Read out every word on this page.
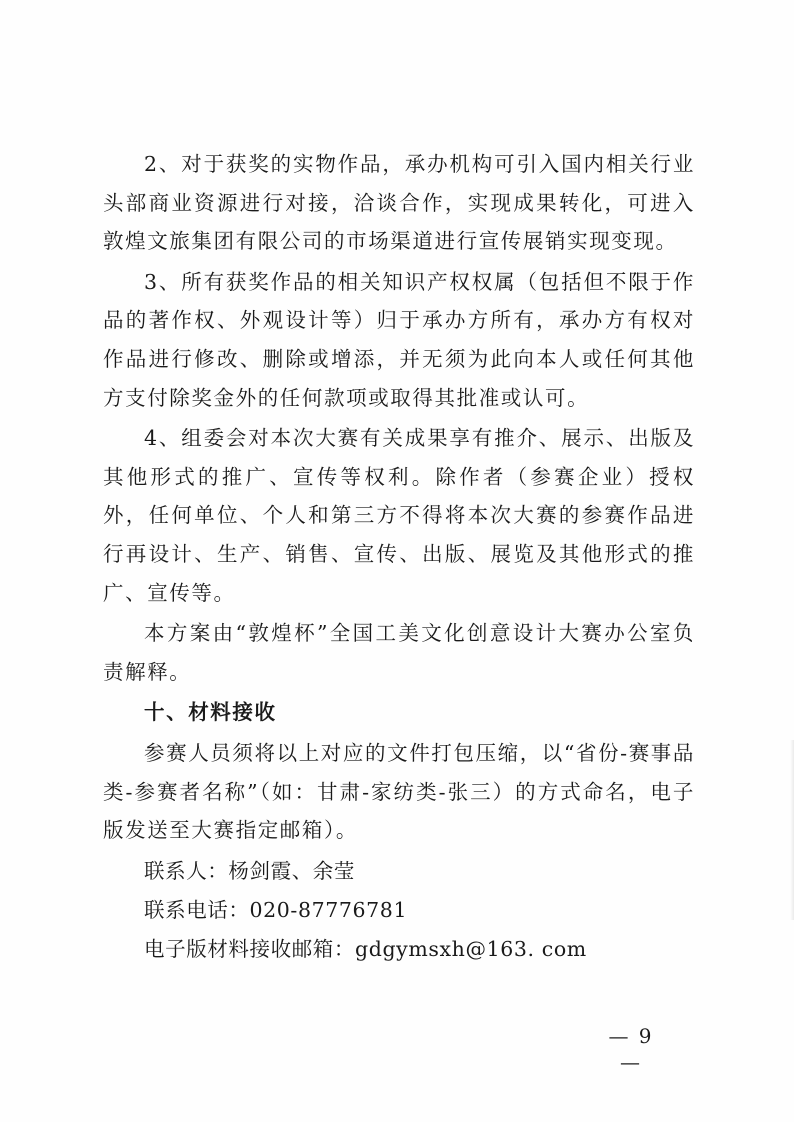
2、对于获奖的实物作品，承办机构可引入国内相关行业头部商业资源进行对接，洽谈合作，实现成果转化，可进入敦煌文旅集团有限公司的市场渠道进行宣传展销实现变现。

3、所有获奖作品的相关知识产权权属（包括但不限于作品的著作权、外观设计等）归于承办方所有，承办方有权对作品进行修改、删除或增添，并无须为此向本人或任何其他方支付除奖金外的任何款项或取得其批准或认可。

4、组委会对本次大赛有关成果享有推介、展示、出版及其他形式的推广、宣传等权利。除作者（参赛企业）授权外，任何单位、个人和第三方不得将本次大赛的参赛作品进行再设计、生产、销售、宣传、出版、展览及其他形式的推广、宣传等。

本方案由“敦煌杯”全国工美文化创意设计大赛办公室负责解释。

十、材料接收

参赛人员须将以上对应的文件打包压缩，以“省份-赛事品类-参赛者名称”（如：甘肃-家纺类-张三）的方式命名，电子版发送至大赛指定邮箱）。

联系人：杨剑霞、余莹

联系电话：020-87776781

电子版材料接收邮箱：gdgymsxh@163. com

— 9 —
